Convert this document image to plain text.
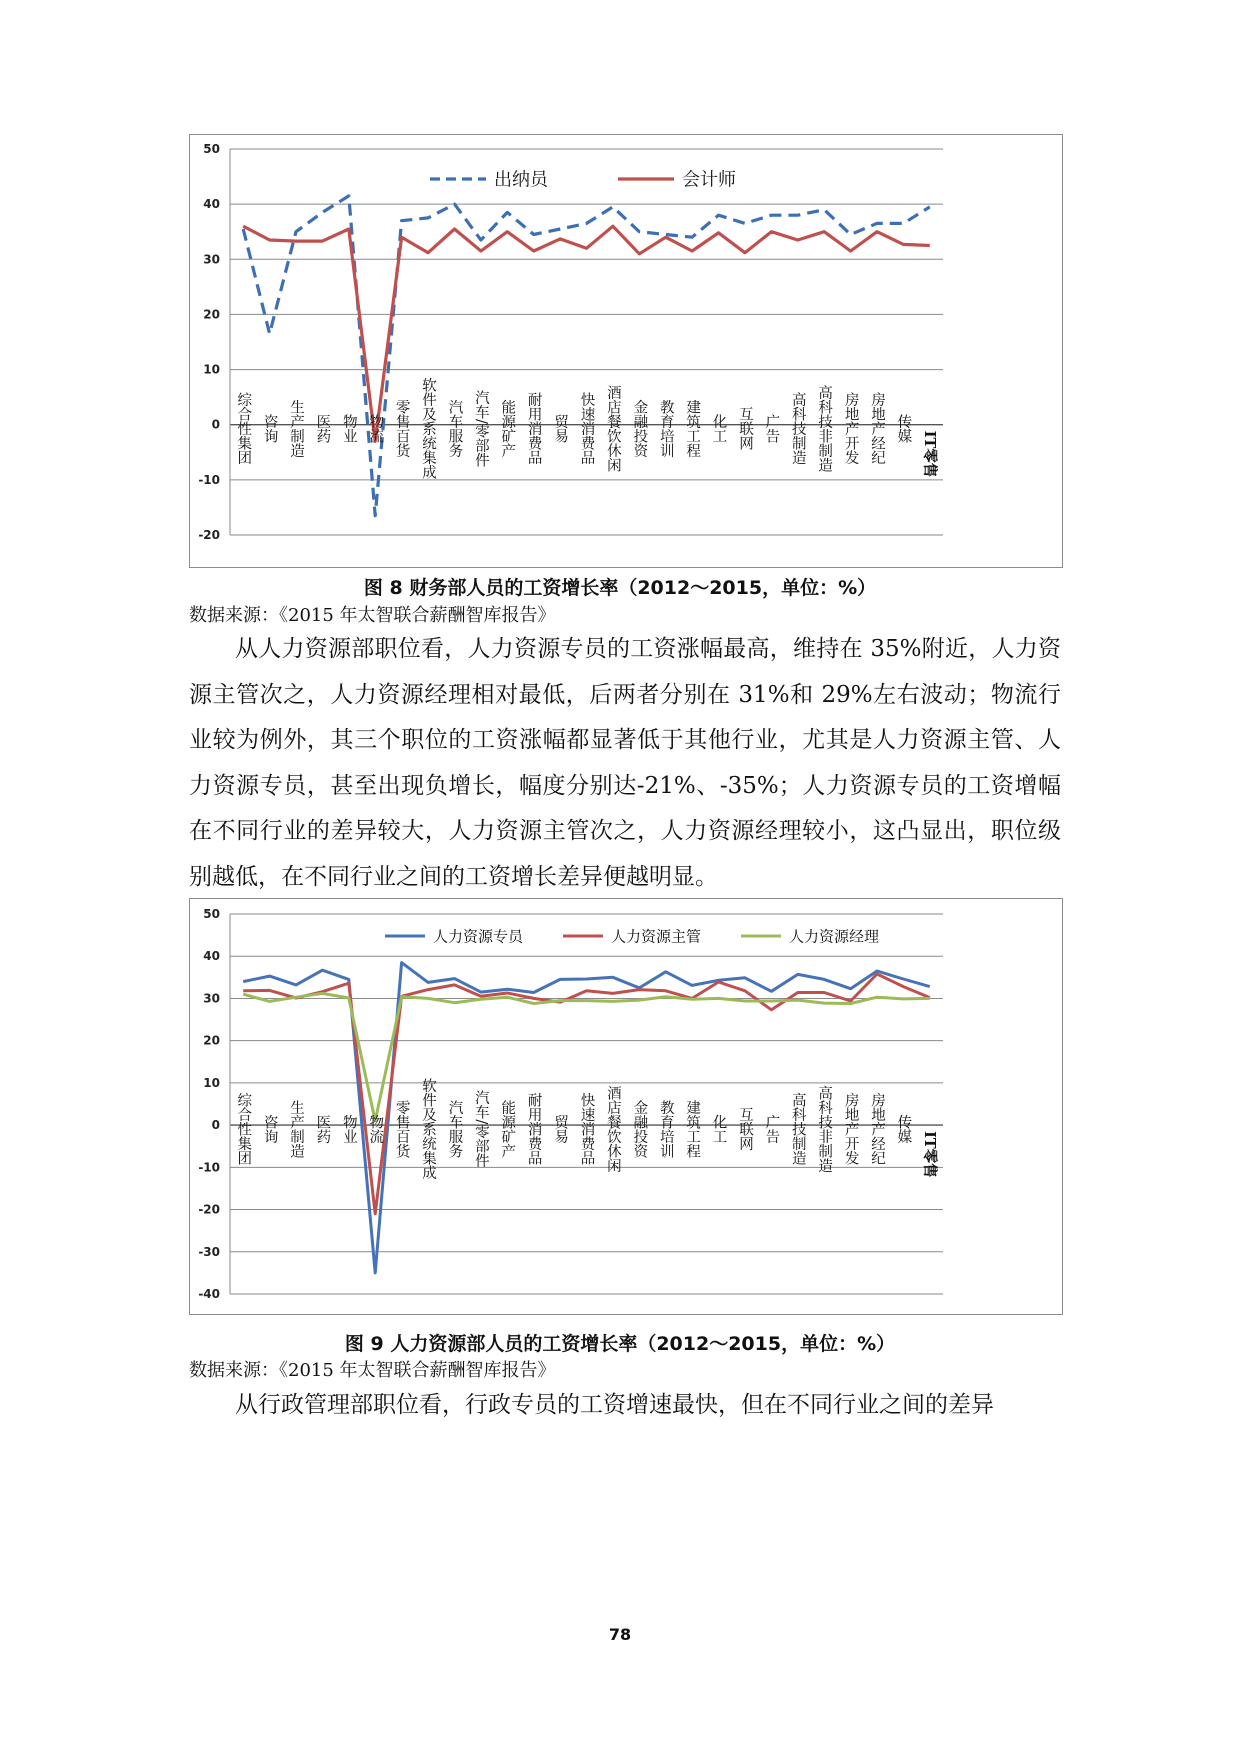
-20
-10
0
10
20
30
40
50
综合性集团 咨询 生产制造 医药 物业 物流 零售百货 软件及系统集成 汽车服务 汽车/零部件 能源矿产 耐用消费品 贸易 快速消费品 酒店餐饮休闲 金融投资 教育培训 建筑工程 化工 互联网 广告 高科技制造 高科技非制造 房地产开发 房地产经纪 传媒
IT零售
出纳员	会计师
图 8 财务部人员的工资增长率（2012～2015，单位：%）
数据来源：《2015 年太智联合薪酬智库报告》

从人力资源部职位看，人力资源专员的工资涨幅最高，维持在 35%附近，人力资源主管次之，人力资源经理相对最低，后两者分别在 31%和 29%左右波动；物流行业较为例外，其三个职位的工资涨幅都显著低于其他行业，尤其是人力资源主管、人力资源专员，甚至出现负增长，幅度分别达-21%、-35%；人力资源专员的工资增幅在不同行业的差异较大，人力资源主管次之，人力资源经理较小，这凸显出，职位级别越低，在不同行业之间的工资增长差异便越明显。

-40
-30
-20
-10
0
10
20
30
40
50
综合性集团 咨询 生产制造 医药 物业 物流 零售百货 软件及系统集成 汽车服务 汽车/零部件 能源矿产 耐用消费品 贸易 快速消费品 酒店餐饮休闲 金融投资 教育培训 建筑工程 化工 互联网 广告 高科技制造 高科技非制造 房地产开发 房地产经纪 传媒
IT零售
人力资源专员	人力资源主管	人力资源经理
图 9 人力资源部人员的工资增长率（2012～2015，单位：%）
数据来源：《2015 年太智联合薪酬智库报告》

从行政管理部职位看，行政专员的工资增速最快，但在不同行业之间的差异

78
